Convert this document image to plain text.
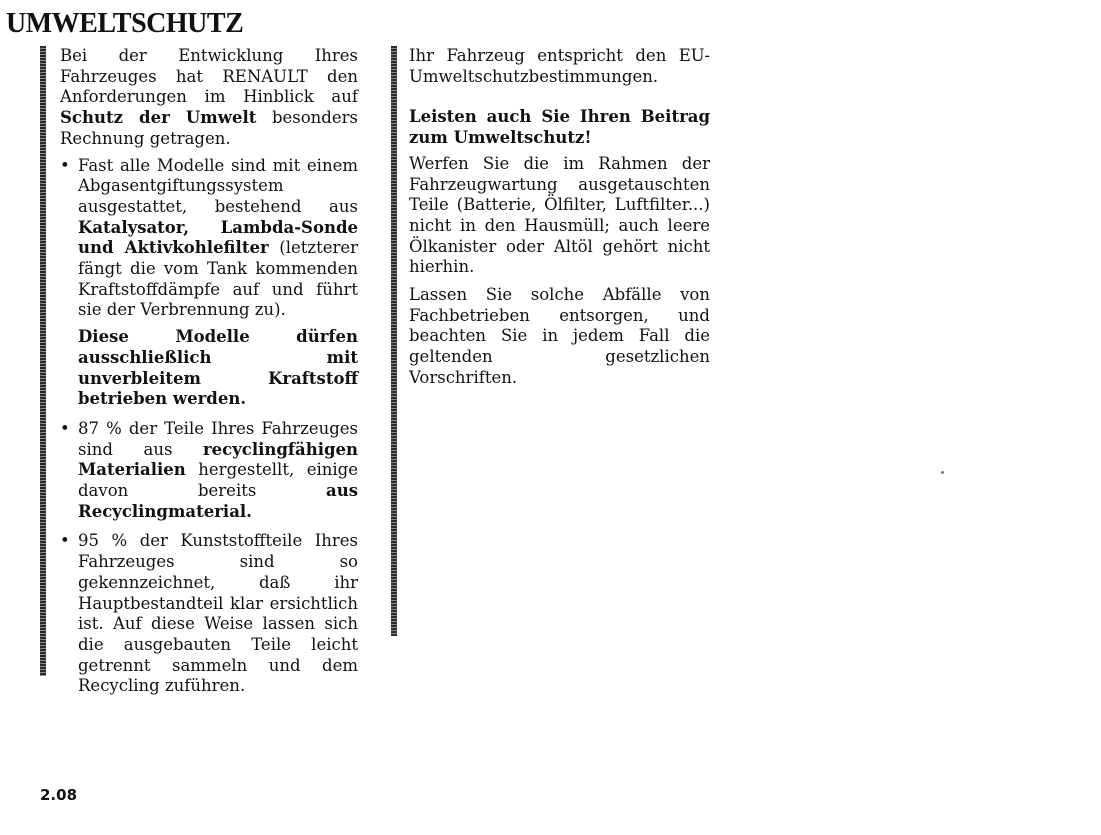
UMWELTSCHUTZ

Bei der Entwicklung Ihres Fahrzeuges hat RENAULT den Anforderungen im Hinblick auf Schutz der Umwelt besonders Rechnung getragen.

• Fast alle Modelle sind mit einem Abgasentgiftungssystem ausgestattet, bestehend aus Katalysator, Lambda-Sonde und Aktivkohlefilter (letzterer fängt die vom Tank kommenden Kraftstoffdämpfe auf und führt sie der Verbrennung zu).

Diese Modelle dürfen ausschließlich mit unverbleitem Kraftstoff betrieben werden.

• 87 % der Teile Ihres Fahrzeuges sind aus recyclingfähigen Materialien hergestellt, einige davon bereits aus Recyclingmaterial.

• 95 % der Kunststoffteile Ihres Fahrzeuges sind so gekennzeichnet, daß ihr Hauptbestandteil klar ersichtlich ist. Auf diese Weise lassen sich die ausgebauten Teile leicht getrennt sammeln und dem Recycling zuführen.

Ihr Fahrzeug entspricht den EU-Umweltschutzbestimmungen.

Leisten auch Sie Ihren Beitrag zum Umweltschutz!

Werfen Sie die im Rahmen der Fahrzeugwartung ausgetauschten Teile (Batterie, Ölfilter, Luftfilter...) nicht in den Hausmüll; auch leere Ölkanister oder Altöl gehört nicht hierhin.

Lassen Sie solche Abfälle von Fachbetrieben entsorgen, und beachten Sie in jedem Fall die geltenden gesetzlichen Vorschriften.

2.08
